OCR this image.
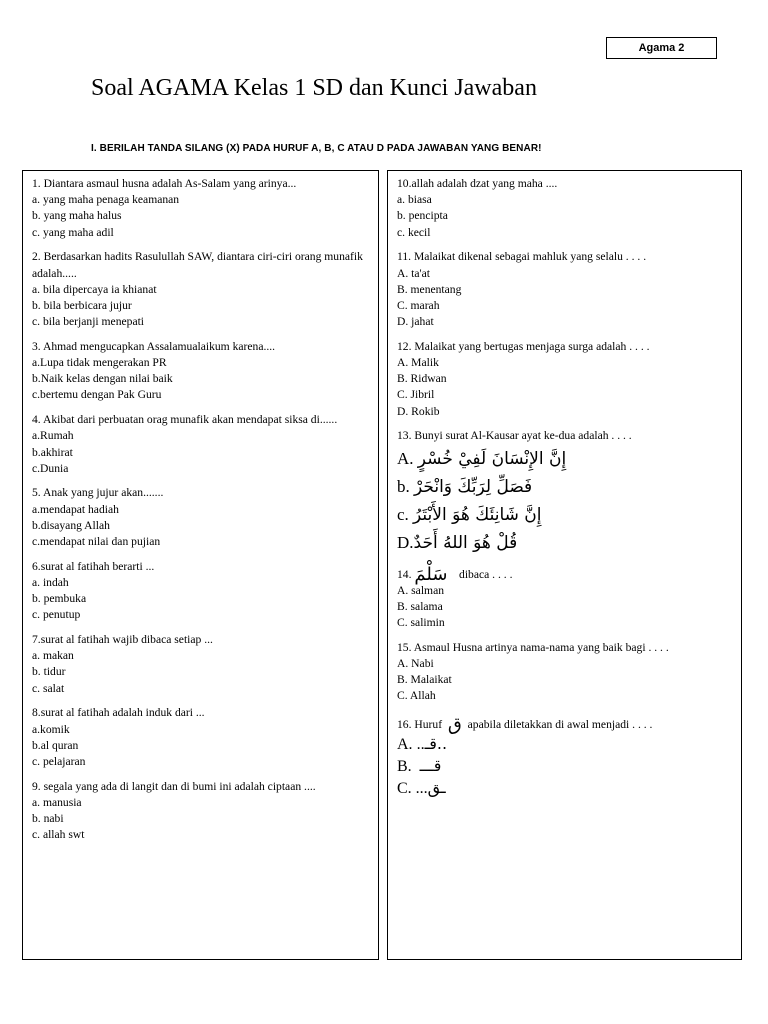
Agama 2
Soal AGAMA Kelas 1 SD dan Kunci Jawaban
I. BERILAH TANDA SILANG (X) PADA HURUF A, B, C ATAU D PADA JAWABAN YANG BENAR!
1. Diantara asmaul husna adalah As-Salam yang arinya...
a. yang maha penaga keamanan
b. yang maha halus
c. yang maha adil
2. Berdasarkan hadits Rasulullah SAW, diantara ciri-ciri orang munafik adalah.....
a. bila dipercaya ia khianat
b. bila berbicara jujur
c. bila berjanji menepati
3. Ahmad mengucapkan Assalamualaikum karena....
a.Lupa tidak mengerakan PR
b.Naik kelas dengan nilai baik
c.bertemu dengan Pak Guru
4. Akibat dari perbuatan orag munafik akan mendapat siksa di......
a.Rumah
b.akhirat
c.Dunia
5. Anak yang jujur akan.......
a.mendapat hadiah
b.disayang Allah
c.mendapat nilai dan pujian
6.surat al fatihah berarti ...
a. indah
b. pembuka
c. penutup
7.surat al fatihah wajib dibaca setiap ...
a. makan
b. tidur
c. salat
8.surat al fatihah adalah induk dari ...
a.komik
b.al quran
c. pelajaran
9. segala yang ada di langit dan di bumi ini adalah ciptaan ....
a. manusia
b. nabi
c. allah swt
10.allah adalah dzat yang maha ....
a. biasa
b. pencipta
c. kecil
11. Malaikat dikenal sebagai mahluk yang selalu . . . .
A. ta'at
B. menentang
C. marah
D. jahat
12. Malaikat yang bertugas menjaga surga adalah . . . .
A. Malik
B. Ridwan
C. Jibril
D. Rokib
13. Bunyi surat Al-Kausar ayat ke-dua adalah . . . .
A. إِنَّ الإِنْسَانَ لَفِيْ خُسْرٍ
b. فَصَلِّ لِرَبِّكَ وَانْحَرْ
c. إِنَّ شَانِئَكَ هُوَ الأَبْتَرُ
D.قُلْ هُوَ اللهُ أَحَدٌ
14. سَلْمَ dibaca . . . .
A. salman
B. salama
C. salimin
15. Asmaul Husna artinya nama-nama yang baik bagi . . . .
A. Nabi
B. Malaikat
C. Allah
16. Huruf ق apabila diletakkan di awal menjadi . . . .
A. ..قـ..
B. قـــ
C. ...ـق
